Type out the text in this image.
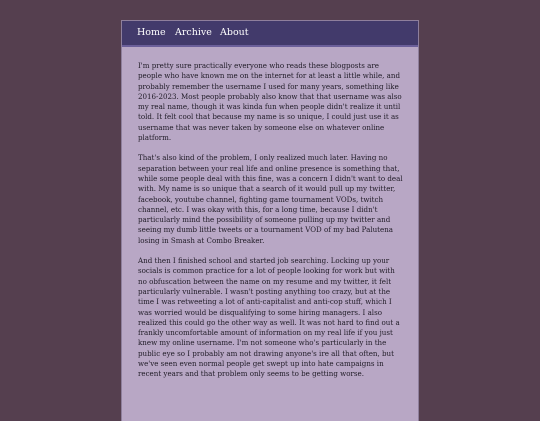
Home Archive About

I'm pretty sure practically everyone who reads these blogposts are people who have known me on the internet for at least a little while, and probably remember the username I used for many years, something like 2016-2023. Most people probably also know that that username was also my real name, though it was kinda fun when people didn't realize it until told. It felt cool that because my name is so unique, I could just use it as username that was never taken by someone else on whatever online platform.

That's also kind of the problem, I only realized much later. Having no separation between your real life and online presence is something that, while some people deal with this fine, was a concern I didn't want to deal with. My name is so unique that a search of it would pull up my twitter, facebook, youtube channel, fighting game tournament VODs, twitch channel, etc. I was okay with this, for a long time, because I didn't particularly mind the possibility of someone pulling up my twitter and seeing my dumb little tweets or a tournament VOD of my bad Palutena losing in Smash at Combo Breaker.

And then I finished school and started job searching. Locking up your socials is common practice for a lot of people looking for work but with no obfuscation between the name on my resume and my twitter, it felt particularly vulnerable. I wasn't posting anything too crazy, but at the time I was retweeting a lot of anti-capitalist and anti-cop stuff, which I was worried would be disqualifying to some hiring managers. I also realized this could go the other way as well. It was not hard to find out a frankly uncomfortable amount of information on my real life if you just knew my online username. I'm not someone who's particularly in the public eye so I probably am not drawing anyone's ire all that often, but we've seen even normal people get swept up into hate campaigns in recent years and that problem only seems to be getting worse.
